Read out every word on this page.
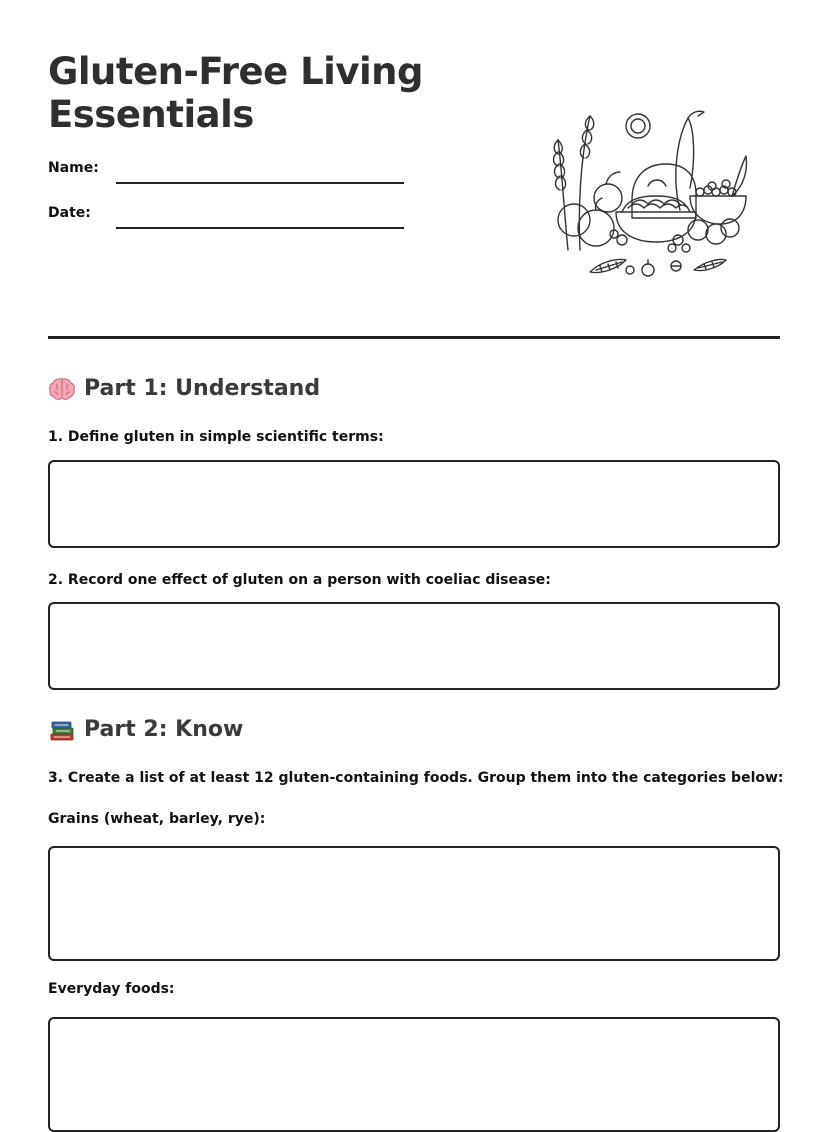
Gluten-Free Living
Essentials
Name:
Date:
Part 1: Understand

1. Define gluten in simple scientific terms:

2. Record one effect of gluten on a person with coeliac disease:

Part 2: Know

3. Create a list of at least 12 gluten-containing foods. Group them into the categories below:

Grains (wheat, barley, rye):

Everyday foods:
